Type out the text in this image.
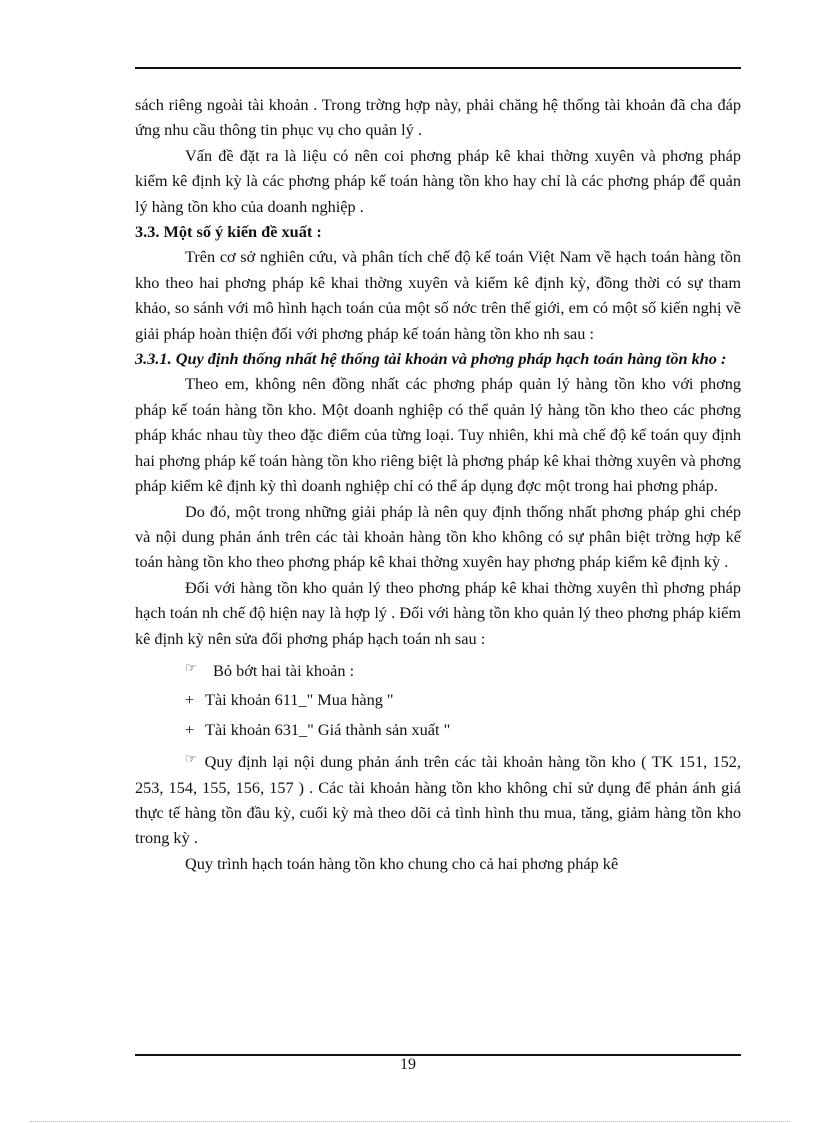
sách riêng ngoài tài khoản . Trong trờng hợp này, phải chăng hệ thống tài khoản đã cha đáp ứng nhu cầu thông tin phục vụ cho quản lý .

Vấn đề đặt ra là liệu có nên coi phơng pháp kê khai thờng xuyên và phơng pháp kiểm kê định kỳ là các phơng pháp kế toán hàng tồn kho hay chỉ là các phơng pháp để quản lý hàng tồn kho của doanh nghiệp .

3.3. Một số ý kiến đề xuất :

Trên cơ sở nghiên cứu, và phân tích chế độ kế toán Việt Nam về hạch toán hàng tồn kho theo hai phơng pháp kê khai thờng xuyên và kiểm kê định kỳ, đồng thời có sự tham khảo, so sánh với mô hình hạch toán của một số nớc trên thế giới, em có một số kiến nghị về giải pháp hoàn thiện đối với phơng pháp kế toán hàng tồn kho nh sau :

3.3.1. Quy định thống nhất hệ thống tài khoản và phơng pháp hạch toán hàng tồn kho :

Theo em, không nên đồng nhất các phơng pháp quản lý hàng tồn kho với phơng pháp kế toán hàng tồn kho. Một doanh nghiệp có thể quản lý hàng tồn kho theo các phơng pháp khác nhau tùy theo đặc điểm của từng loại. Tuy nhiên, khi mà chế độ kế toán quy định hai phơng pháp kế toán hàng tồn kho riêng biệt là phơng pháp kê khai thờng xuyên và phơng pháp kiểm kê định kỳ thì doanh nghiệp chỉ có thể áp dụng đợc một trong hai phơng pháp.

Do đó, một trong những giải pháp là nên quy định thống nhất phơng pháp ghi chép và nội dung phản ánh trên các tài khoản hàng tồn kho không có sự phân biệt trờng hợp kế toán hàng tồn kho theo phơng pháp kê khai thờng xuyên hay phơng pháp kiểm kê định kỳ .

Đối với hàng tồn kho quản lý theo phơng pháp kê khai thờng xuyên thì phơng pháp hạch toán nh chế độ hiện nay là hợp lý . Đối với hàng tồn kho quản lý theo phơng pháp kiểm kê định kỳ nên sửa đổi phơng pháp hạch toán nh sau :

☞ Bỏ bớt hai tài khoản :
+ Tài khoản 611_" Mua hàng "
+ Tài khoản 631_" Giá thành sản xuất "

☞ Quy định lại nội dung phản ánh trên các tài khoản hàng tồn kho ( TK 151, 152, 253, 154, 155, 156, 157 ) . Các tài khoản hàng tồn kho không chỉ sử dụng để phản ánh giá thực tế hàng tồn đầu kỳ, cuối kỳ mà theo dõi cả tình hình thu mua, tăng, giảm hàng tồn kho trong kỳ .

Quy trình hạch toán hàng tồn kho chung cho cả hai phơng pháp kê

19
